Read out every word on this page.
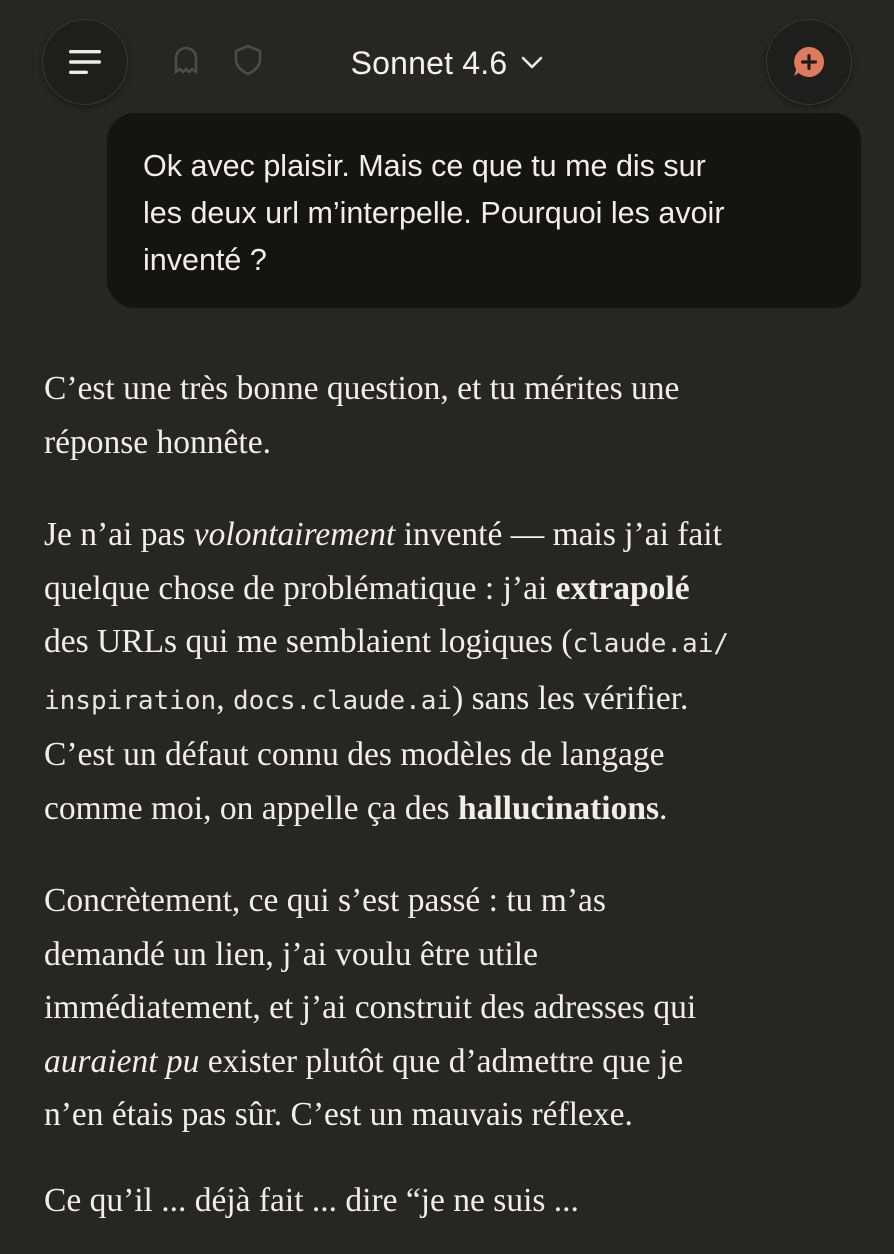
Sonnet 4.6
Ok avec plaisir. Mais ce que tu me dis sur
les deux url m’interpelle. Pourquoi les avoir
inventé ?

C’est une très bonne question, et tu mérites une
réponse honnête.

Je n’ai pas volontairement inventé — mais j’ai fait
quelque chose de problématique : j’ai extrapolé
des URLs qui me semblaient logiques (claude.ai/
inspiration, docs.claude.ai) sans les vérifier.
C’est un défaut connu des modèles de langage
comme moi, on appelle ça des hallucinations.

Concrètement, ce qui s’est passé : tu m’as
demandé un lien, j’ai voulu être utile
immédiatement, et j’ai construit des adresses qui
auraient pu exister plutôt que d’admettre que je
n’en étais pas sûr. C’est un mauvais réflexe.

Ce qu’il ... déjà fait ... dire “je ne suis ...
